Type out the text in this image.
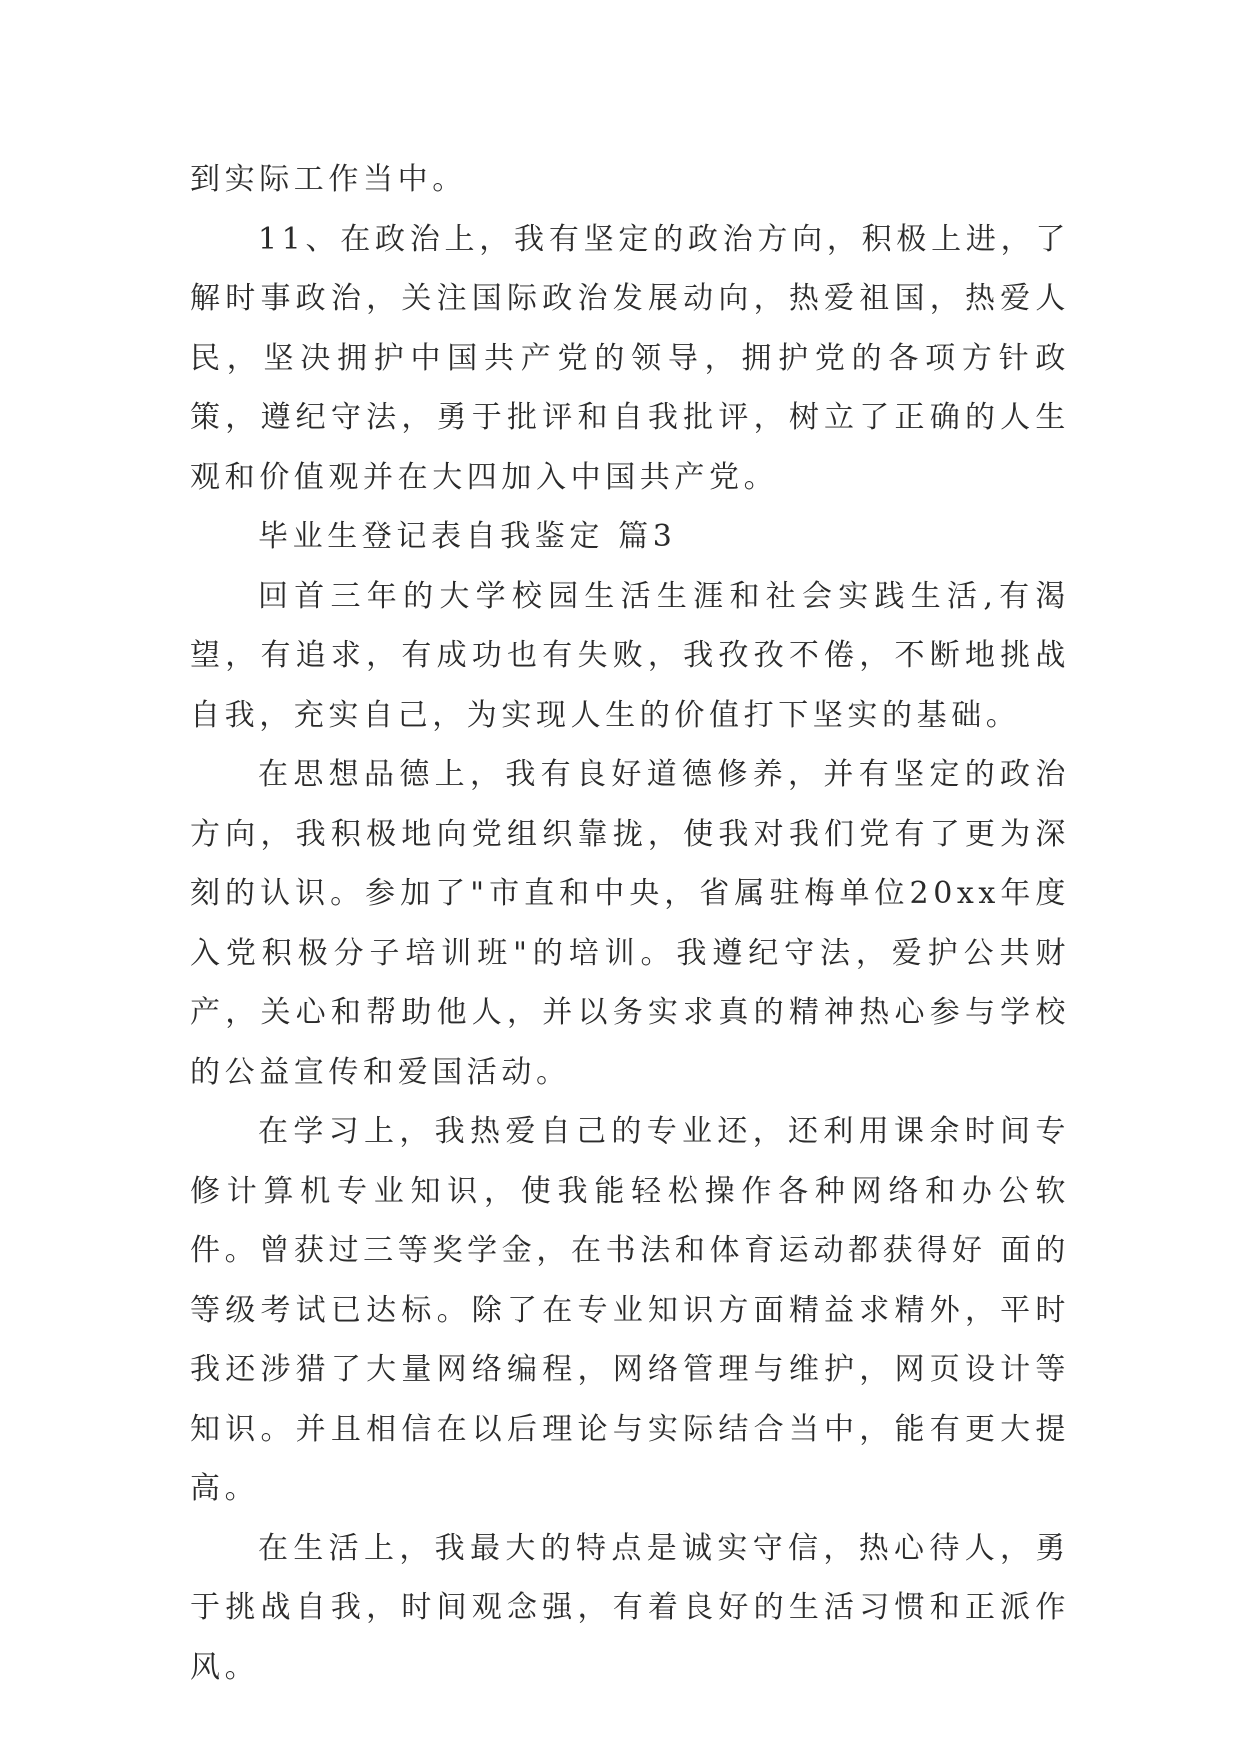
到实际工作当中。

11、在政治上，我有坚定的政治方向，积极上进，了解时事政治，关注国际政治发展动向，热爱祖国，热爱人民，坚决拥护中国共产党的领导，拥护党的各项方针政策，遵纪守法，勇于批评和自我批评，树立了正确的人生观和价值观并在大四加入中国共产党。

毕业生登记表自我鉴定 篇3

回首三年的大学校园生活生涯和社会实践生活,有渴望，有追求，有成功也有失败，我孜孜不倦，不断地挑战自我，充实自己，为实现人生的价值打下坚实的基础。

在思想品德上，我有良好道德修养，并有坚定的政治方向，我积极地向党组织靠拢，使我对我们党有了更为深刻的认识。参加了"市直和中央，省属驻梅单位20xx年度入党积极分子培训班"的培训。我遵纪守法，爱护公共财产，关心和帮助他人，并以务实求真的精神热心参与学校的公益宣传和爱国活动。

在学习上，我热爱自己的专业还，还利用课余时间专修计算机专业知识，使我能轻松操作各种网络和办公软件。曾获过三等奖学金，在书法和体育运动都获得好 面的等级考试已达标。除了在专业知识方面精益求精外，平时我还涉猎了大量网络编程，网络管理与维护，网页设计等知识。并且相信在以后理论与实际结合当中，能有更大提高。

在生活上，我最大的特点是诚实守信，热心待人，勇于挑战自我，时间观念强，有着良好的生活习惯和正派作风。
